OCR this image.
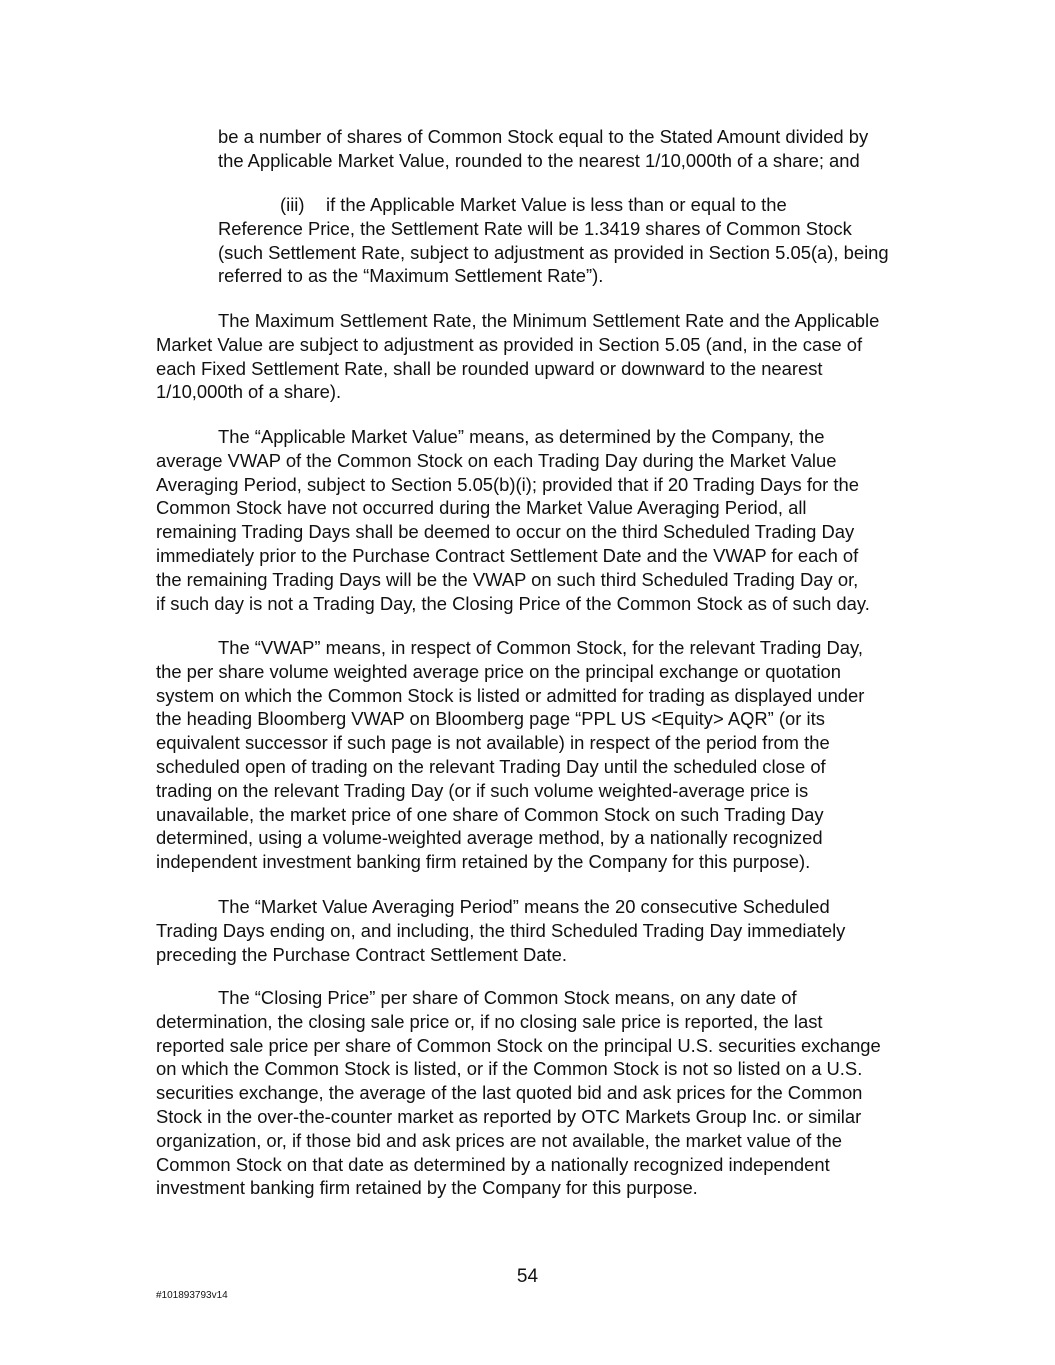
be a number of shares of Common Stock equal to the Stated Amount divided by
the Applicable Market Value, rounded to the nearest 1/10,000th of a share; and
(iii) if the Applicable Market Value is less than or equal to the
Reference Price, the Settlement Rate will be 1.3419 shares of Common Stock
(such Settlement Rate, subject to adjustment as provided in Section 5.05(a), being
referred to as the “Maximum Settlement Rate”).
The Maximum Settlement Rate, the Minimum Settlement Rate and the Applicable
Market Value are subject to adjustment as provided in Section 5.05 (and, in the case of
each Fixed Settlement Rate, shall be rounded upward or downward to the nearest
1/10,000th of a share).
The “Applicable Market Value” means, as determined by the Company, the
average VWAP of the Common Stock on each Trading Day during the Market Value
Averaging Period, subject to Section 5.05(b)(i); provided that if 20 Trading Days for the
Common Stock have not occurred during the Market Value Averaging Period, all
remaining Trading Days shall be deemed to occur on the third Scheduled Trading Day
immediately prior to the Purchase Contract Settlement Date and the VWAP for each of
the remaining Trading Days will be the VWAP on such third Scheduled Trading Day or,
if such day is not a Trading Day, the Closing Price of the Common Stock as of such day.
The “VWAP” means, in respect of Common Stock, for the relevant Trading Day,
the per share volume weighted average price on the principal exchange or quotation
system on which the Common Stock is listed or admitted for trading as displayed under
the heading Bloomberg VWAP on Bloomberg page “PPL US <Equity> AQR” (or its
equivalent successor if such page is not available) in respect of the period from the
scheduled open of trading on the relevant Trading Day until the scheduled close of
trading on the relevant Trading Day (or if such volume weighted-average price is
unavailable, the market price of one share of Common Stock on such Trading Day
determined, using a volume-weighted average method, by a nationally recognized
independent investment banking firm retained by the Company for this purpose).
The “Market Value Averaging Period” means the 20 consecutive Scheduled
Trading Days ending on, and including, the third Scheduled Trading Day immediately
preceding the Purchase Contract Settlement Date.
The “Closing Price” per share of Common Stock means, on any date of
determination, the closing sale price or, if no closing sale price is reported, the last
reported sale price per share of Common Stock on the principal U.S. securities exchange
on which the Common Stock is listed, or if the Common Stock is not so listed on a U.S.
securities exchange, the average of the last quoted bid and ask prices for the Common
Stock in the over-the-counter market as reported by OTC Markets Group Inc. or similar
organization, or, if those bid and ask prices are not available, the market value of the
Common Stock on that date as determined by a nationally recognized independent
investment banking firm retained by the Company for this purpose.
54
#101893793v14
